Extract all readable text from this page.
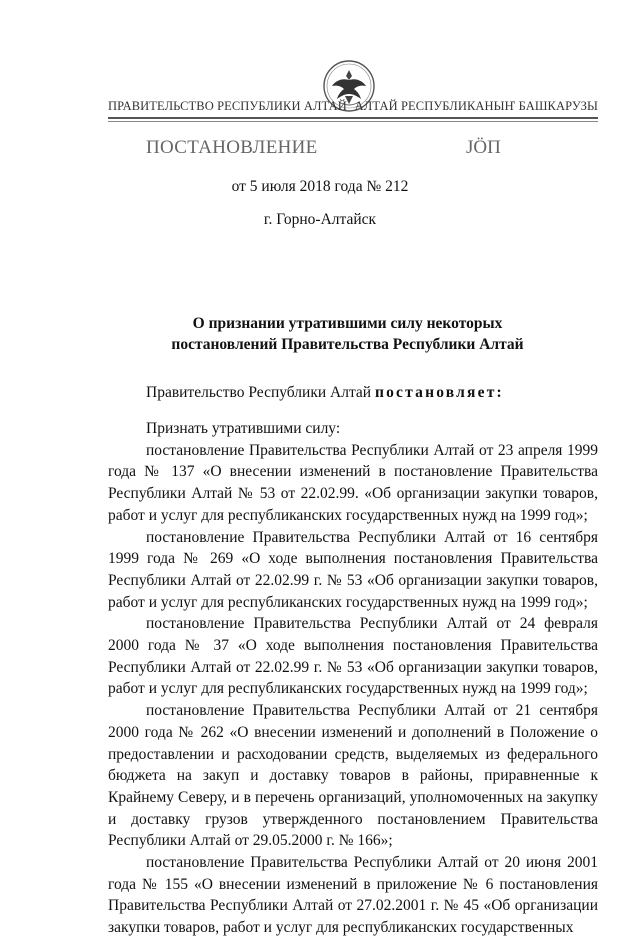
ПРАВИТЕЛЬСТВО РЕСПУБЛИКИ АЛТАЙ АЛТАЙ РЕСПУБЛИКАНЫҤ БАШКАРУЗЫ
ПОСТАНОВЛЕНИЕ	ЈÖП
от 5 июля 2018 года № 212
г. Горно-Алтайск
О признании утратившими силу некоторых
постановлений Правительства Республики Алтай
Правительство Республики Алтай постановляет:

Признать утратившими силу:

постановление Правительства Республики Алтай от 23 апреля 1999 года № 137 «О внесении изменений в постановление Правительства Республики Алтай № 53 от 22.02.99. «Об организации закупки товаров, работ и услуг для республиканских государственных нужд на 1999 год»;

постановление Правительства Республики Алтай от 16 сентября 1999 года № 269 «О ходе выполнения постановления Правительства Республики Алтай от 22.02.99 г. № 53 «Об организации закупки товаров, работ и услуг для республиканских государственных нужд на 1999 год»;

постановление Правительства Республики Алтай от 24 февраля 2000 года № 37 «О ходе выполнения постановления Правительства Республики Алтай от 22.02.99 г. № 53 «Об организации закупки товаров, работ и услуг для республиканских государственных нужд на 1999 год»;

постановление Правительства Республики Алтай от 21 сентября 2000 года № 262 «О внесении изменений и дополнений в Положение о предоставлении и расходовании средств, выделяемых из федерального бюджета на закуп и доставку товаров в районы, приравненные к Крайнему Северу, и в перечень организаций, уполномоченных на закупку и доставку грузов утвержденного постановлением Правительства Республики Алтай от 29.05.2000 г. № 166»;

постановление Правительства Республики Алтай от 20 июня 2001 года № 155 «О внесении изменений в приложение № 6 постановления Правительства Республики Алтай от 27.02.2001 г. № 45 «Об организации закупки товаров, работ и услуг для республиканских государственных
